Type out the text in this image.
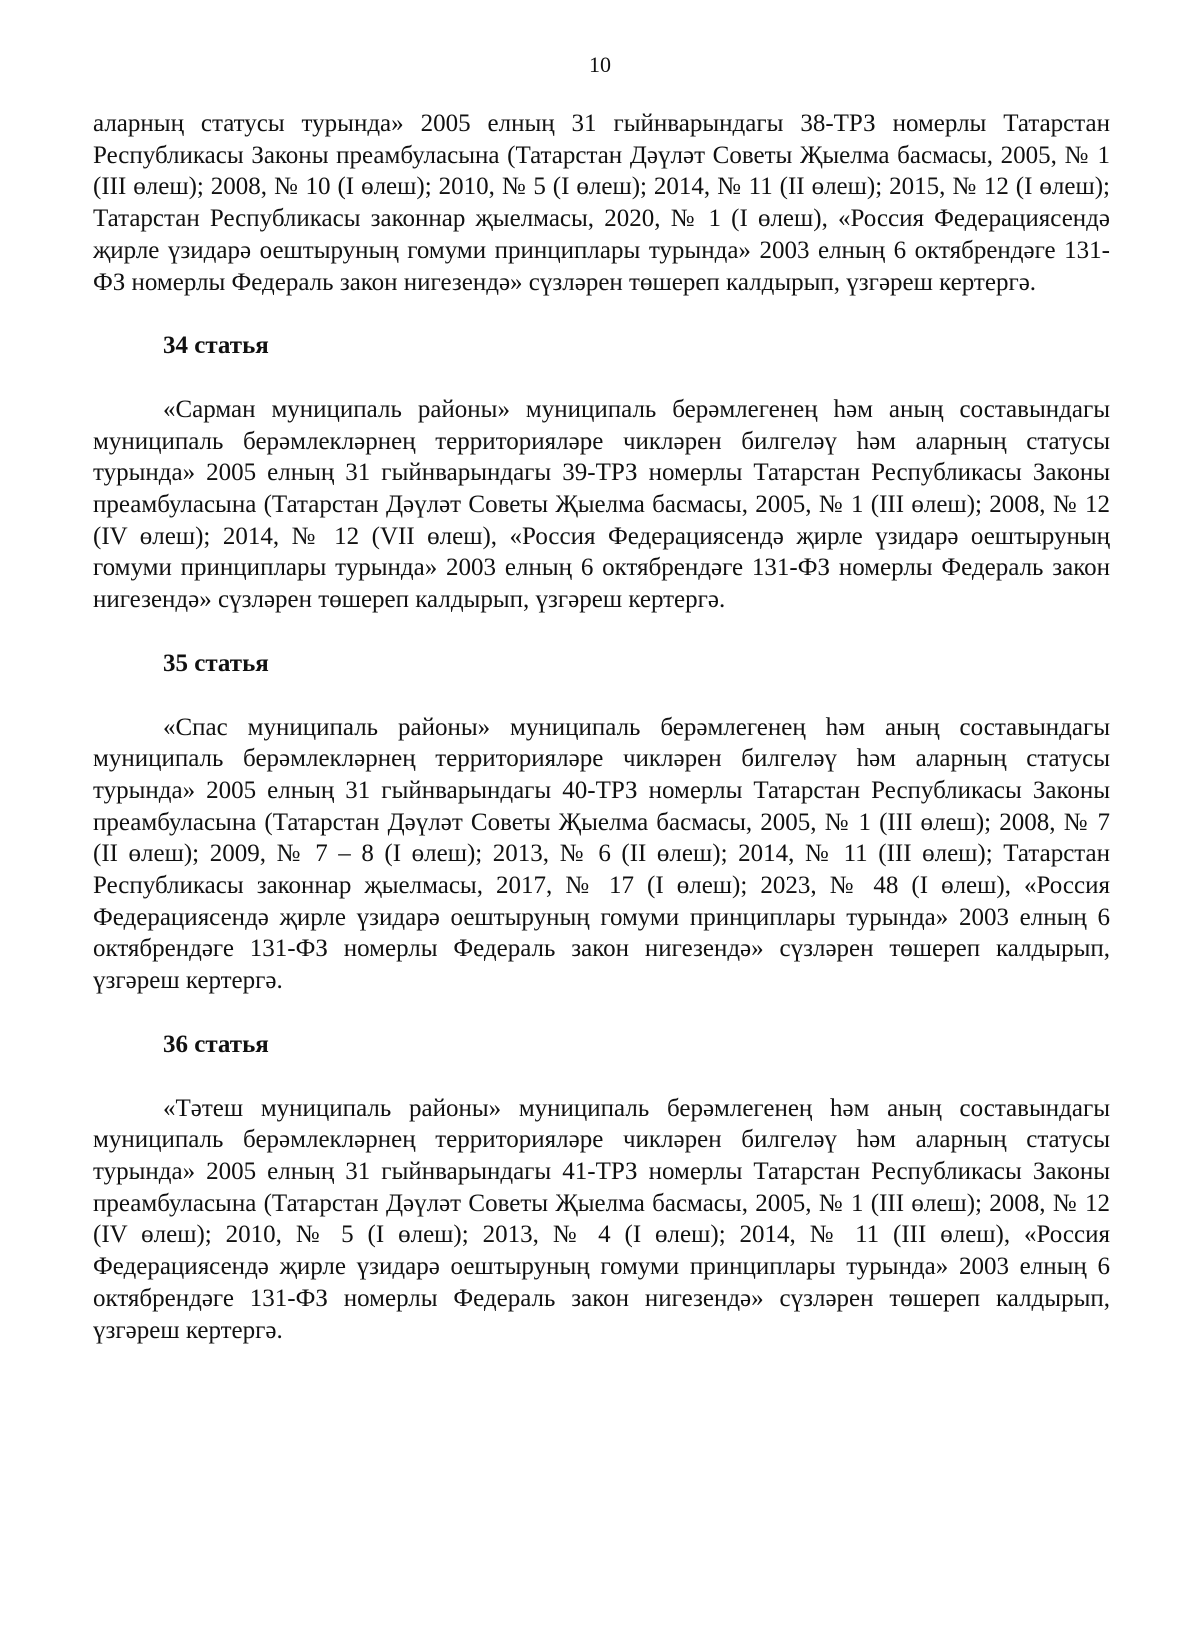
10

аларның статусы турында» 2005 елның 31 гыйнварындагы 38-ТРЗ номерлы Татарстан Республикасы Законы преамбуласына (Татарстан Дәүләт Советы Җыелма басмасы, 2005, № 1 (III өлеш); 2008, № 10 (I өлеш); 2010, № 5 (I өлеш); 2014, № 11 (II өлеш); 2015, № 12 (I өлеш); Татарстан Республикасы законнар җыелмасы, 2020, № 1 (I өлеш), «Россия Федерациясендә җирле үзидарә оештыруның гомуми принциплары турында» 2003 елның 6 октябрендәге 131-ФЗ номерлы Федераль закон нигезендә» сүзләрен төшереп калдырып, үзгәреш кертергә.

34 статья

«Сарман муниципаль районы» муниципаль берәмлегенең һәм аның составындагы муниципаль берәмлекләрнең территорияләре чикләрен билгеләү һәм аларның статусы турында» 2005 елның 31 гыйнварындагы 39-ТРЗ номерлы Татарстан Республикасы Законы преамбуласына (Татарстан Дәүләт Советы Җыелма басмасы, 2005, № 1 (III өлеш); 2008, № 12 (IV өлеш); 2014, № 12 (VII өлеш), «Россия Федерациясендә җирле үзидарә оештыруның гомуми принциплары турында» 2003 елның 6 октябрендәге 131-ФЗ номерлы Федераль закон нигезендә» сүзләрен төшереп калдырып, үзгәреш кертергә.

35 статья

«Спас муниципаль районы» муниципаль берәмлегенең һәм аның составындагы муниципаль берәмлекләрнең территорияләре чикләрен билгеләү һәм аларның статусы турында» 2005 елның 31 гыйнварындагы 40-ТРЗ номерлы Татарстан Республикасы Законы преамбуласына (Татарстан Дәүләт Советы Җыелма басмасы, 2005, № 1 (III өлеш); 2008, № 7 (II өлеш); 2009, № 7 – 8 (I өлеш); 2013, № 6 (II өлеш); 2014, № 11 (III өлеш); Татарстан Республикасы законнар җыелмасы, 2017, № 17 (I өлеш); 2023, № 48 (I өлеш), «Россия Федерациясендә җирле үзидарә оештыруның гомуми принциплары турында» 2003 елның 6 октябрендәге 131-ФЗ номерлы Федераль закон нигезендә» сүзләрен төшереп калдырып, үзгәреш кертергә.

36 статья

«Тәтеш муниципаль районы» муниципаль берәмлегенең һәм аның составындагы муниципаль берәмлекләрнең территорияләре чикләрен билгеләү һәм аларның статусы турында» 2005 елның 31 гыйнварындагы 41-ТРЗ номерлы Татарстан Республикасы Законы преамбуласына (Татарстан Дәүләт Советы Җыелма басмасы, 2005, № 1 (III өлеш); 2008, № 12 (IV өлеш); 2010, № 5 (I өлеш); 2013, № 4 (I өлеш); 2014, № 11 (III өлеш), «Россия Федерациясендә җирле үзидарә оештыруның гомуми принциплары турында» 2003 елның 6 октябрендәге 131-ФЗ номерлы Федераль закон нигезендә» сүзләрен төшереп калдырып, үзгәреш кертергә.
